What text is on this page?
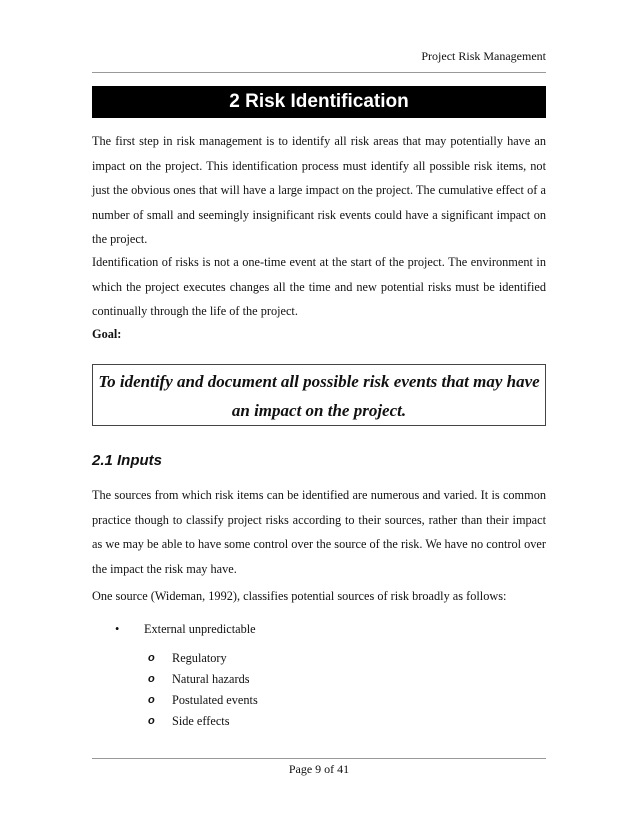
Project Risk Management
2 Risk Identification
The first step in risk management is to identify all risk areas that may potentially have an impact on the project. This identification process must identify all possible risk items, not just the obvious ones that will have a large impact on the project. The cumulative effect of a number of small and seemingly insignificant risk events could have a significant impact on the project.
Identification of risks is not a one-time event at the start of the project. The environment in which the project executes changes all the time and new potential risks must be identified continually through the life of the project.
Goal:
To identify and document all possible risk events that may have an impact on the project.
2.1 Inputs
The sources from which risk items can be identified are numerous and varied. It is common practice though to classify project risks according to their sources, rather than their impact as we may be able to have some control over the source of the risk. We have no control over the impact the risk may have.
One source (Wideman, 1992), classifies potential sources of risk broadly as follows:
• External unpredictable
o	Regulatory
o	Natural hazards
o	Postulated events
o	Side effects
Page 9 of 41
